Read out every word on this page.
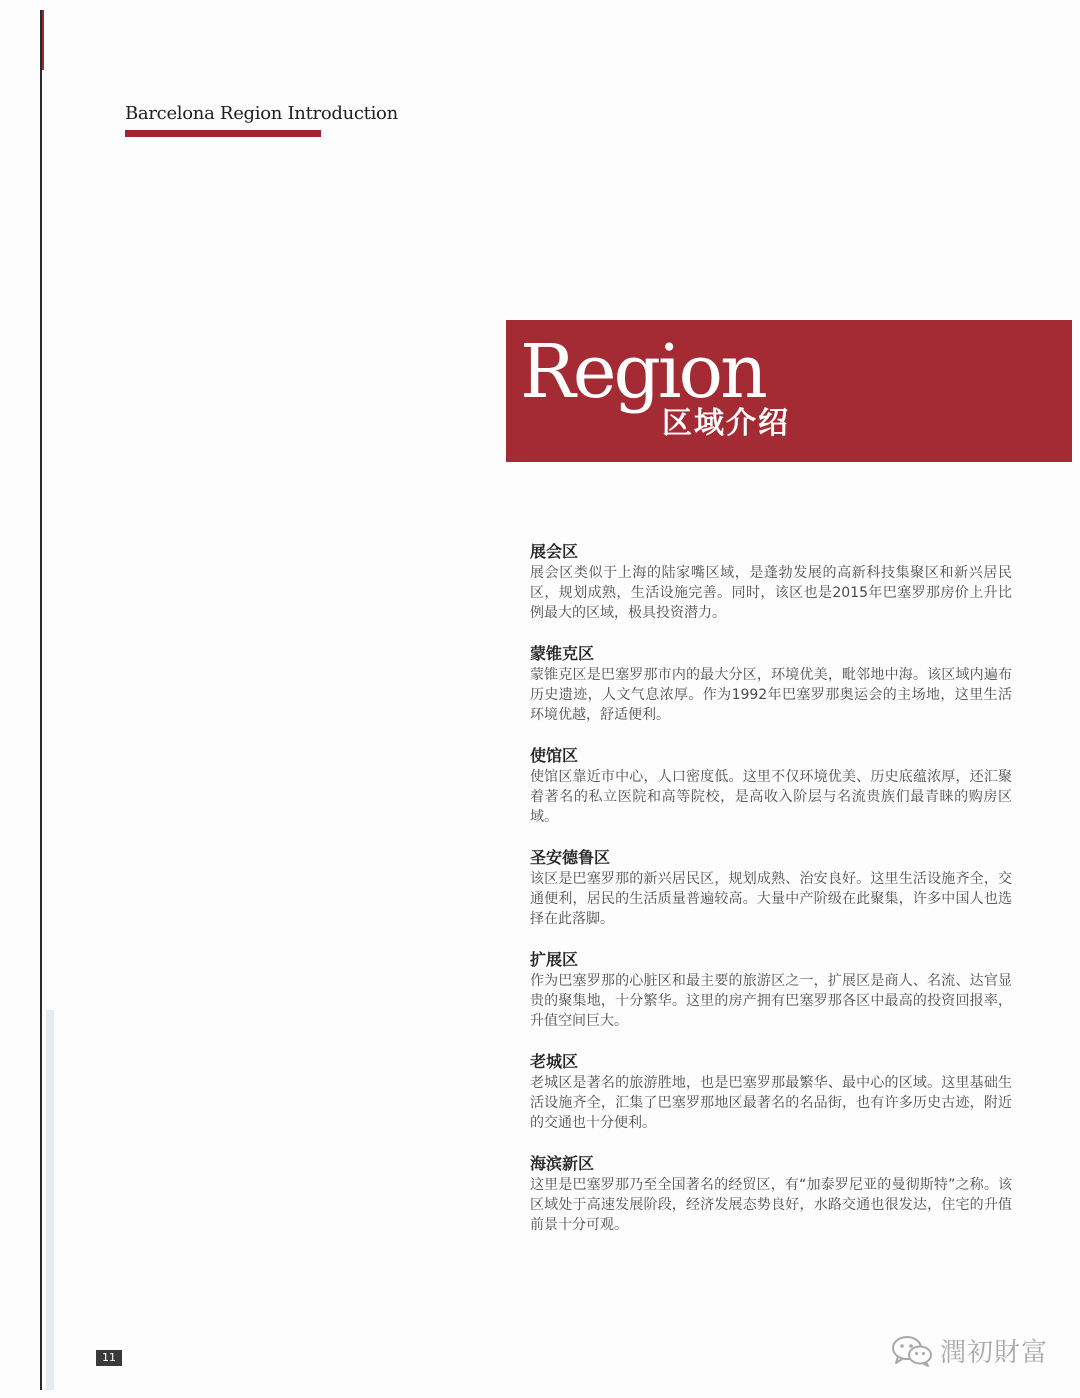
Barcelona Region Introduction
Region
区域介绍
展会区
展会区类似于上海的陆家嘴区域，是蓬勃发展的高新科技集聚区和新兴居民区，规划成熟，生活设施完善。同时，该区也是2015年巴塞罗那房价上升比例最大的区域，极具投资潜力。
蒙锥克区
蒙锥克区是巴塞罗那市内的最大分区，环境优美，毗邻地中海。该区域内遍布历史遗迹，人文气息浓厚。作为1992年巴塞罗那奥运会的主场地，这里生活环境优越，舒适便利。
使馆区
使馆区靠近市中心，人口密度低。这里不仅环境优美、历史底蕴浓厚，还汇聚着著名的私立医院和高等院校，是高收入阶层与名流贵族们最青睐的购房区域。
圣安德鲁区
该区是巴塞罗那的新兴居民区，规划成熟、治安良好。这里生活设施齐全，交通便利，居民的生活质量普遍较高。大量中产阶级在此聚集，许多中国人也选择在此落脚。
扩展区
作为巴塞罗那的心脏区和最主要的旅游区之一，扩展区是商人、名流、达官显贵的聚集地，十分繁华。这里的房产拥有巴塞罗那各区中最高的投资回报率，升值空间巨大。
老城区
老城区是著名的旅游胜地，也是巴塞罗那最繁华、最中心的区域。这里基础生活设施齐全，汇集了巴塞罗那地区最著名的名品街，也有许多历史古迹，附近的交通也十分便利。
海滨新区
这里是巴塞罗那乃至全国著名的经贸区，有“加泰罗尼亚的曼彻斯特”之称。该区域处于高速发展阶段，经济发展态势良好，水路交通也很发达，住宅的升值前景十分可观。
11	潤初財富
